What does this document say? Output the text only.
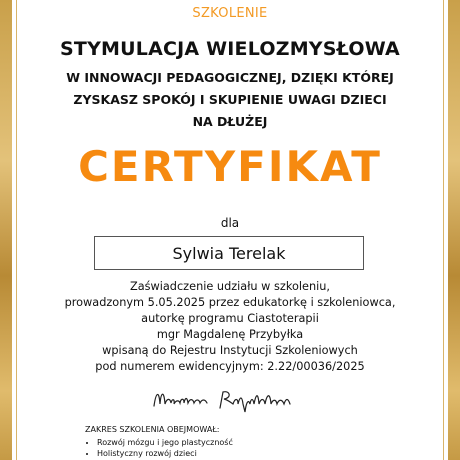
SZKOLENIE
STYMULACJA WIELOZMYSŁOWA
W INNOWACJI PEDAGOGICZNEJ, DZIĘKI KTÓREJ
ZYSKASZ SPOKÓJ I SKUPIENIE UWAGI DZIECI
NA DŁUŻEJ
CERTYFIKAT
dla
Sylwia Terelak
Zaświadczenie udziału w szkoleniu,
prowadzonym 5.05.2025 przez edukatorkę i szkoleniowca,
autorkę programu Ciastoterapii
mgr Magdalenę Przybyłka
wpisaną do Rejestru Instytucji Szkoleniowych
pod numerem ewidencyjnym: 2.22/00036/2025
ZAKRES SZKOLENIA OBEJMOWAŁ:
• Rozwój mózgu i jego plastyczność
• Holistyczny rozwój dzieci
